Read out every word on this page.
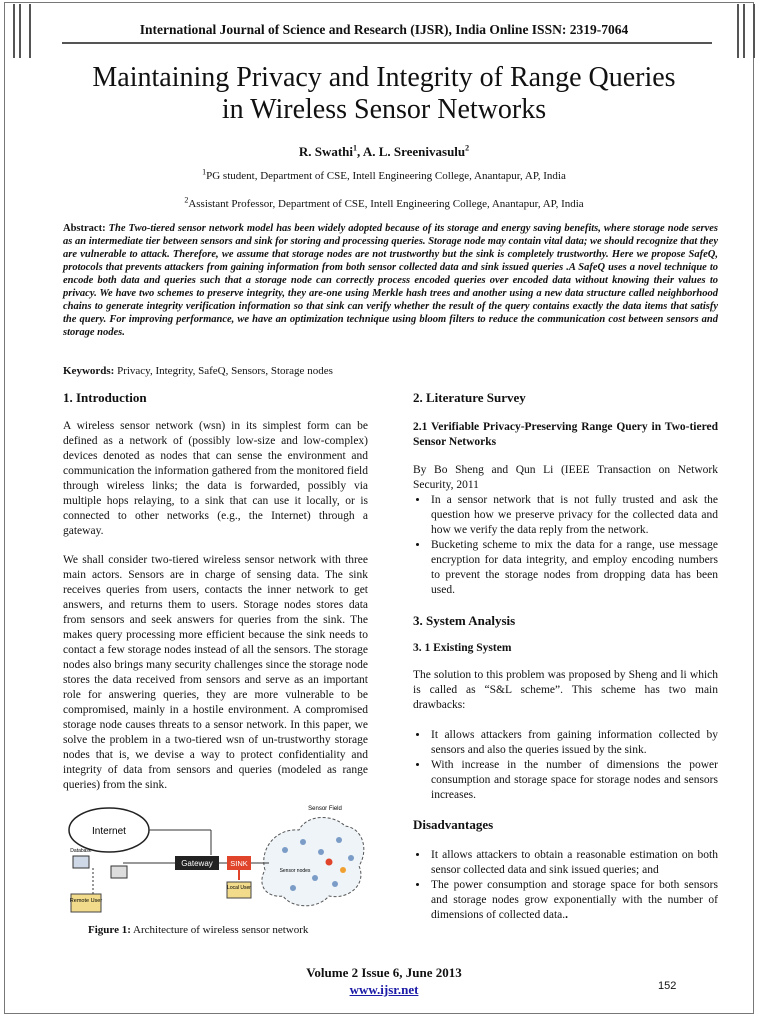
International Journal of Science and Research (IJSR), India Online ISSN: 2319-7064
Maintaining Privacy and Integrity of Range Queries
in Wireless Sensor Networks
R. Swathi$^1$, A. L. Sreenivasulu$^2$
$^1$PG student, Department of CSE, Intell Engineering College, Anantapur, AP, India
$^2$Assistant Professor, Department of CSE, Intell Engineering College, Anantapur, AP, India
Abstract: The Two-tiered sensor network model has been widely adopted because of its storage and energy saving benefits, where storage node serves as an intermediate tier between sensors and sink for storing and processing queries. Storage node may contain vital data; we should recognize that they are vulnerable to attack. Therefore, we assume that storage nodes are not trustworthy but the sink is completely trustworthy. Here we propose SafeQ, protocols that prevents attackers from gaining information from both sensor collected data and sink issued queries .A SafeQ uses a novel technique to encode both data and queries such that a storage node can correctly process encoded queries over encoded data without knowing their values to privacy. We have two schemes to preserve integrity, they are-one using Merkle hash trees and another using a new data structure called neighborhood chains to generate integrity verification information so that sink can verify whether the result of the query contains exactly the data items that satisfy the query. For improving performance, we have an optimization technique using bloom filters to reduce the communication cost between sensors and storage nodes.
Keywords: Privacy, Integrity, SafeQ, Sensors, Storage nodes

1. Introduction

A wireless sensor network (wsn) in its simplest form can be defined as a network of (possibly low-size and low-complex) devices denoted as nodes that can sense the environment and communication the information gathered from the monitored field through wireless links; the data is forwarded, possibly via multiple hops relaying, to a sink that can use it locally, or is connected to other networks (e.g., the Internet) through a gateway.

We shall consider two-tiered wireless sensor network with three main actors. Sensors are in charge of sensing data. The sink receives queries from users, contacts the inner network to get answers, and returns them to users. Storage nodes stores data from sensors and seek answers for queries from the sink. The makes query processing more efficient because the sink needs to contact a few storage nodes instead of all the sensors. The storage nodes also brings many security challenges since the storage node stores the data received from sensors and serve as an important role for answering queries, they are more vulnerable to be compromised, mainly in a hostile environment. A compromised storage node causes threats to a sensor network. In this paper, we solve the problem in a two-tiered wsn of un-trustworthy storage nodes that is, we devise a way to protect confidentiality and integrity of data from sensors and queries (modeled as range queries) from the sink.

Internet
Database
Remote User
Gateway SINK
Local User
Sensor Field
Sensor nodes
Figure 1: Architecture of wireless sensor network

2. Literature Survey

2.1 Verifiable Privacy-Preserving Range Query in Two-tiered Sensor Networks

By Bo Sheng and Qun Li (IEEE Transaction on Network Security, 2011

• In a sensor network that is not fully trusted and ask the question how we preserve privacy for the collected data and how we verify the data reply from the network.
• Bucketing scheme to mix the data for a range, use message encryption for data integrity, and employ encoding numbers to prevent the storage nodes from dropping data has been used.

3. System Analysis

3. 1 Existing System

The solution to this problem was proposed by Sheng and li which is called as “S&L scheme”. This scheme has two main drawbacks:

• It allows attackers from gaining information collected by sensors and also the queries issued by the sink.
• With increase in the number of dimensions the power consumption and storage space for storage nodes and sensors increases.

Disadvantages

• It allows attackers to obtain a reasonable estimation on both sensor collected data and sink issued queries; and
• The power consumption and storage space for both sensors and storage nodes grow exponentially with the number of dimensions of collected data..
Volume 2 Issue 6, June 2013
www.ijsr.net	152
